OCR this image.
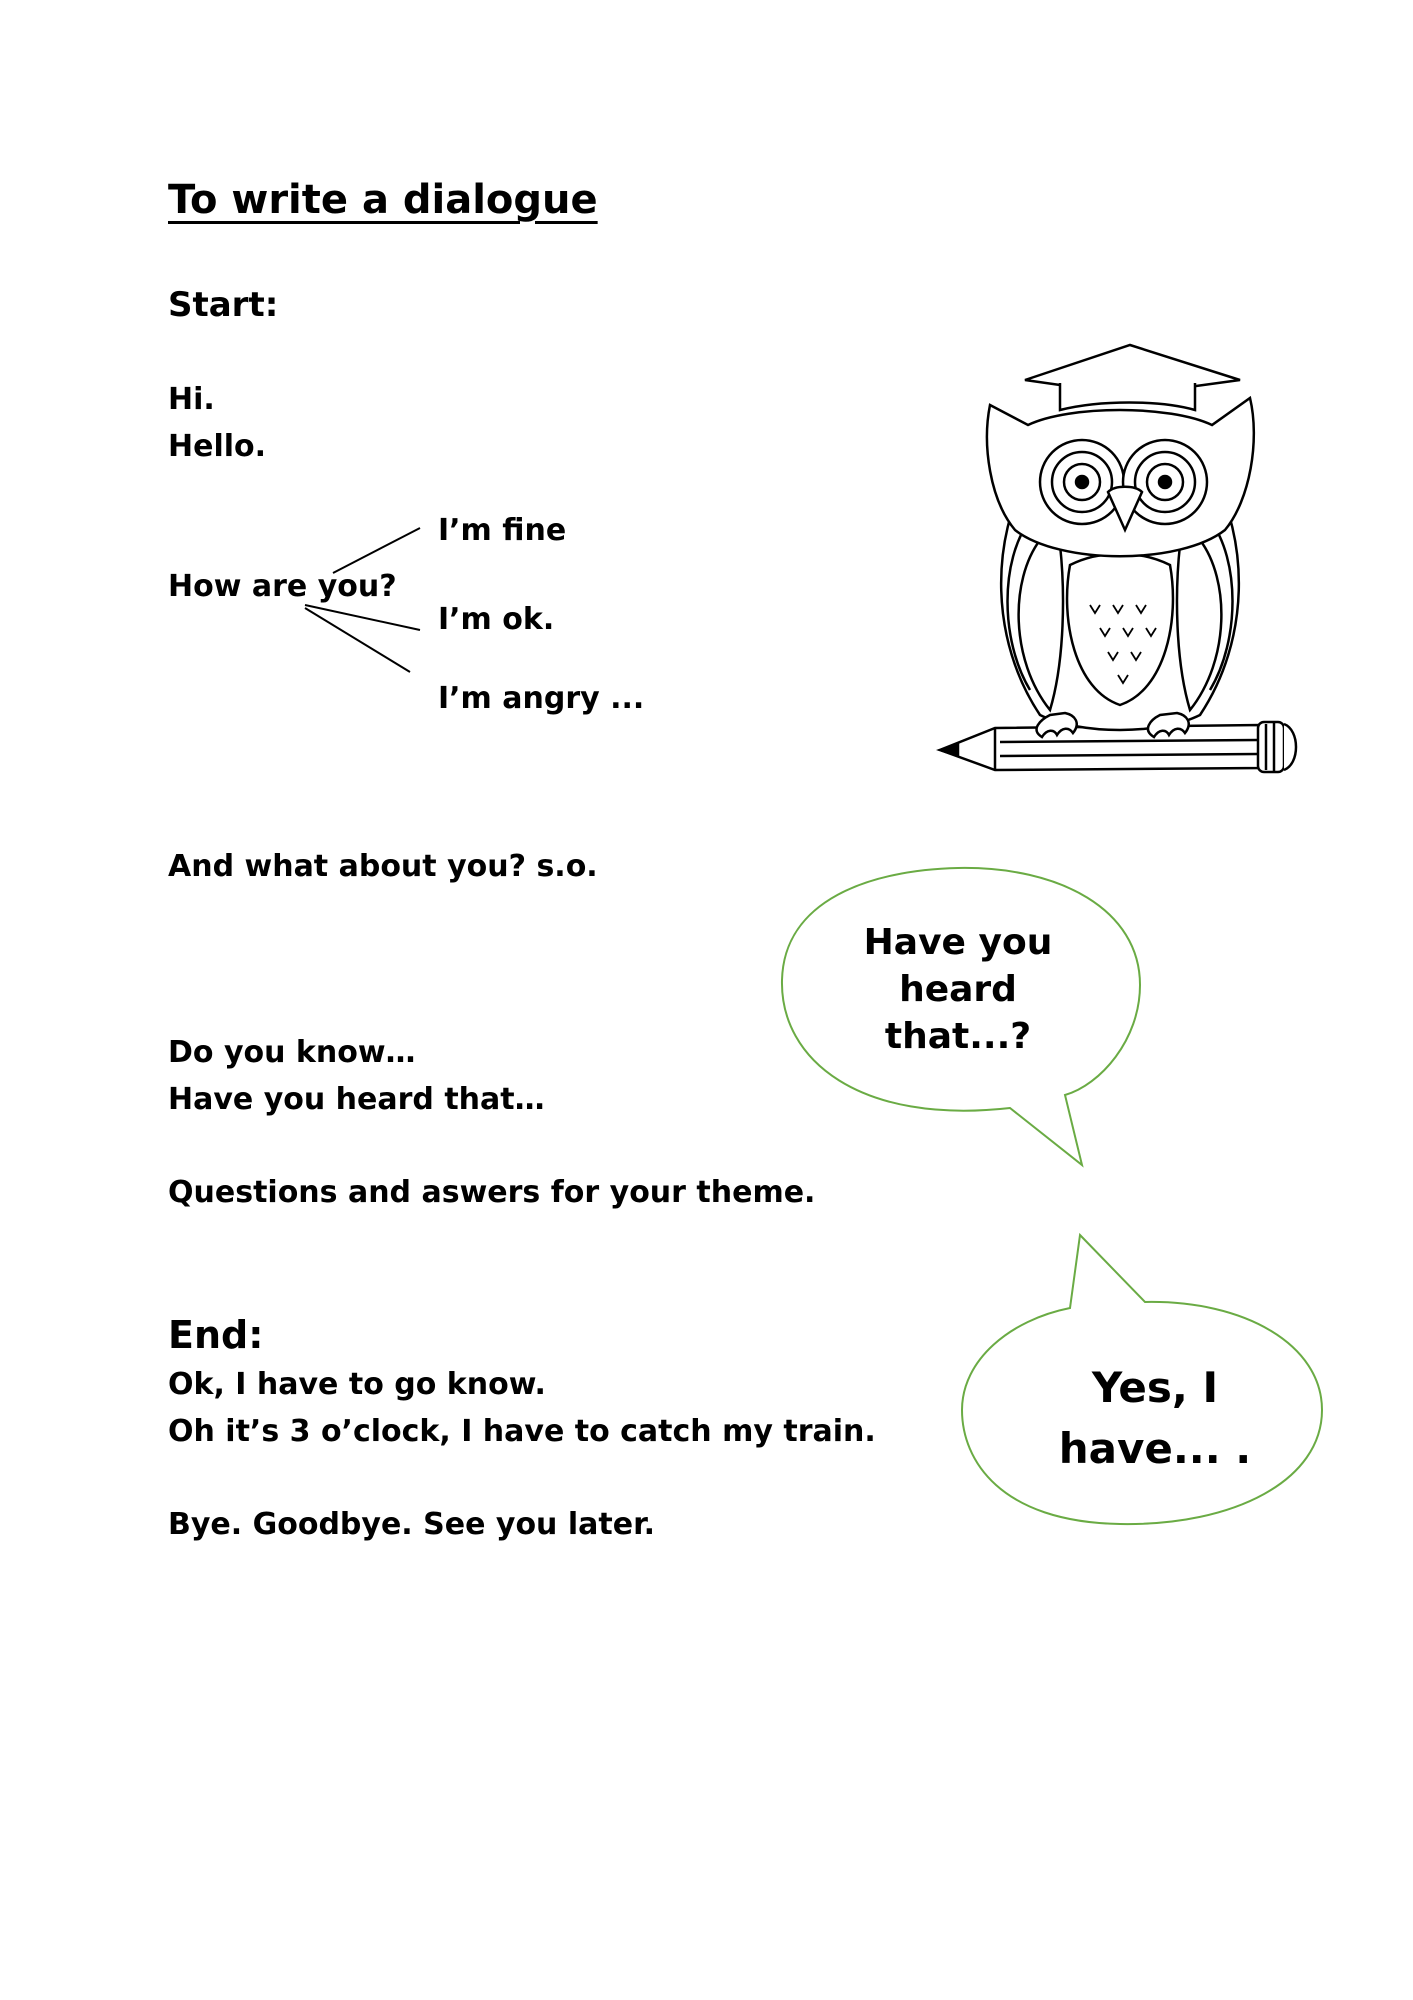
To write a dialogue
Start:
Hi.
Hello.
How are you?
I’m fine
I’m ok.
I’m angry ...
And what about you? s.o.
Do you know…
Have you heard that…
Questions and aswers for your theme.
End:
Ok, I have to go know.
Oh it’s 3 o’clock, I have to catch my train.
Bye. Goodbye. See you later.
Have you
heard
that...?
Yes, I
have... .
